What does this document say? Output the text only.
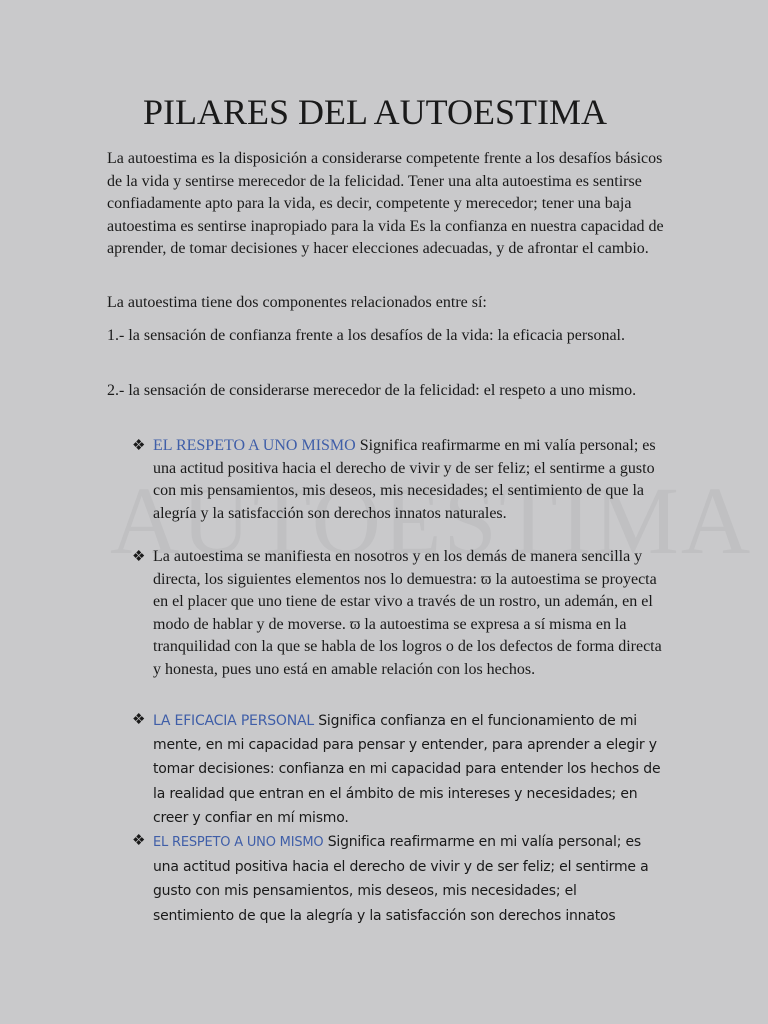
PILARES DEL AUTOESTIMA

La autoestima es la disposición a considerarse competente frente a los desafíos básicos de la vida y sentirse merecedor de la felicidad. Tener una alta autoestima es sentirse confiadamente apto para la vida, es decir, competente y merecedor; tener una baja autoestima es sentirse inapropiado para la vida Es la confianza en nuestra capacidad de aprender, de tomar decisiones y hacer elecciones adecuadas, y de afrontar el cambio.

La autoestima tiene dos componentes relacionados entre sí:

1.- la sensación de confianza frente a los desafíos de la vida: la eficacia personal.

2.- la sensación de considerarse merecedor de la felicidad: el respeto a uno mismo.

❖ EL RESPETO A UNO MISMO Significa reafirmarme en mi valía personal; es una actitud positiva hacia el derecho de vivir y de ser feliz; el sentirme a gusto con mis pensamientos, mis deseos, mis necesidades; el sentimiento de que la alegría y la satisfacción son derechos innatos naturales.

❖ La autoestima se manifiesta en nosotros y en los demás de manera sencilla y directa, los siguientes elementos nos lo demuestra: ϖ la autoestima se proyecta en el placer que uno tiene de estar vivo a través de un rostro, un ademán, en el modo de hablar y de moverse. ϖ la autoestima se expresa a sí misma en la tranquilidad con la que se habla de los logros o de los defectos de forma directa y honesta, pues uno está en amable relación con los hechos.

❖ LA EFICACIA PERSONAL Significa confianza en el funcionamiento de mi mente, en mi capacidad para pensar y entender, para aprender a elegir y tomar decisiones: confianza en mi capacidad para entender los hechos de la realidad que entran en el ámbito de mis intereses y necesidades; en creer y confiar en mí mismo.

❖ EL RESPETO A UNO MISMO Significa reafirmarme en mi valía personal; es una actitud positiva hacia el derecho de vivir y de ser feliz; el sentirme a gusto con mis pensamientos, mis deseos, mis necesidades; el sentimiento de que la alegría y la satisfacción son derechos innatos
